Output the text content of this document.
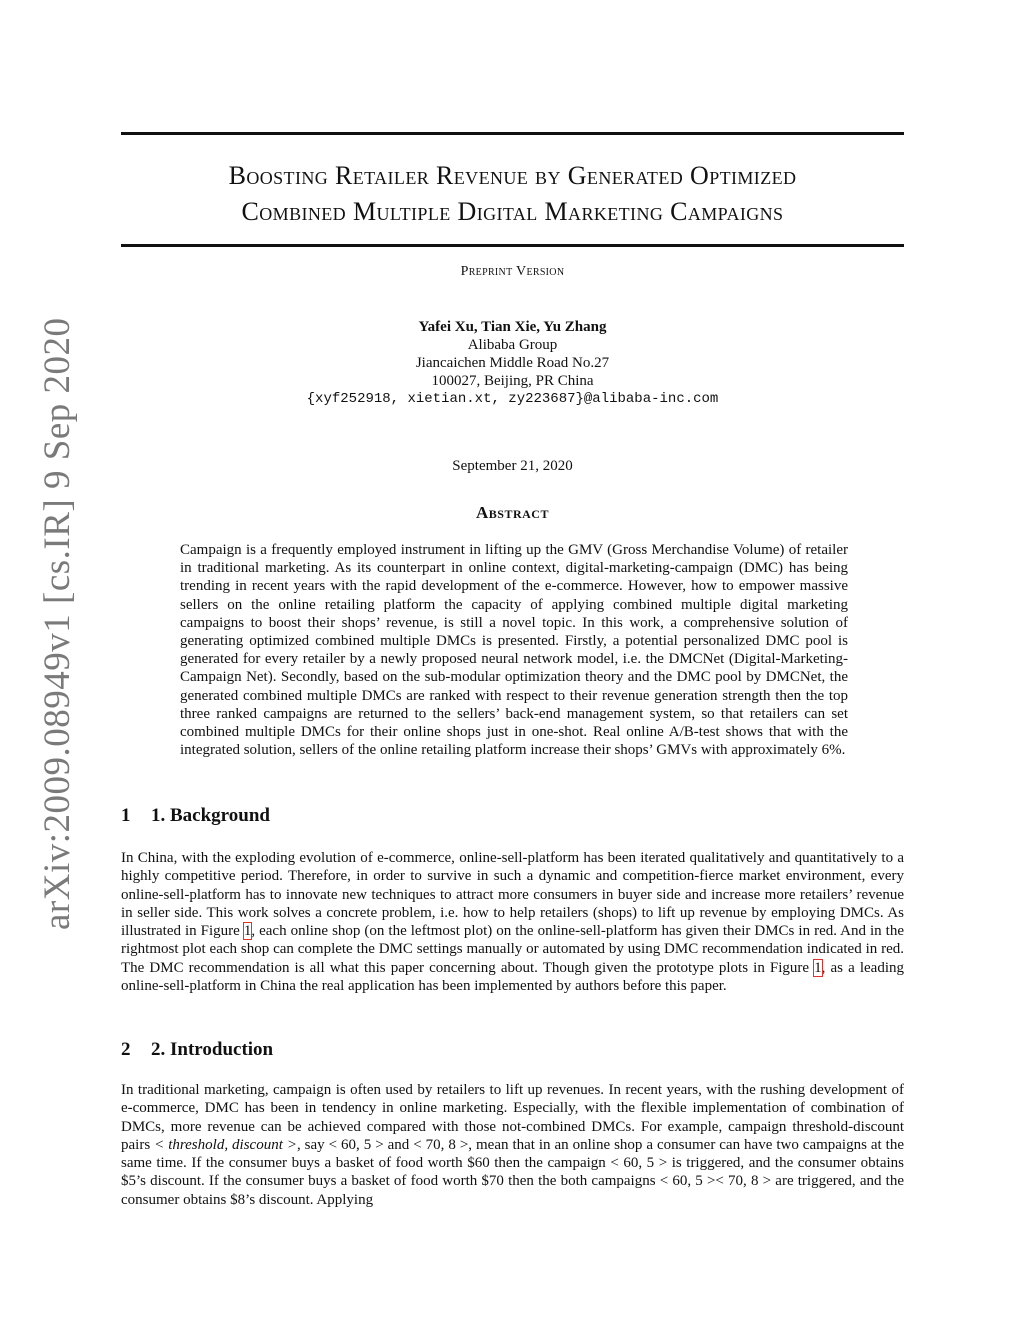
arXiv:2009.08949v1 [cs.IR] 9 Sep 2020
Boosting Retailer Revenue by Generated Optimized
Combined Multiple Digital Marketing Campaigns
Preprint Version
Yafei Xu, Tian Xie, Yu Zhang
Alibaba Group
Jiancaichen Middle Road No.27
100027, Beijing, PR China
{xyf252918, xietian.xt, zy223687}@alibaba-inc.com
September 21, 2020
Abstract

Campaign is a frequently employed instrument in lifting up the GMV (Gross Merchandise Volume) of retailer in traditional marketing. As its counterpart in online context, digital-marketing-campaign (DMC) has being trending in recent years with the rapid development of the e-commerce. However, how to empower massive sellers on the online retailing platform the capacity of applying combined multiple digital marketing campaigns to boost their shops’ revenue, is still a novel topic. In this work, a comprehensive solution of generating optimized combined multiple DMCs is presented. Firstly, a potential personalized DMC pool is generated for every retailer by a newly proposed neural network model, i.e. the DMCNet (Digital-Marketing-Campaign Net). Secondly, based on the sub-modular optimization theory and the DMC pool by DMCNet, the generated combined multiple DMCs are ranked with respect to their revenue generation strength then the top three ranked campaigns are returned to the sellers’ back-end management system, so that retailers can set combined multiple DMCs for their online shops just in one-shot. Real online A/B-test shows that with the integrated solution, sellers of the online retailing platform increase their shops’ GMVs with approximately 6%.

1 1. Background

In China, with the exploding evolution of e-commerce, online-sell-platform has been iterated qualitatively and quantitatively to a highly competitive period. Therefore, in order to survive in such a dynamic and competition-fierce market environment, every online-sell-platform has to innovate new techniques to attract more consumers in buyer side and increase more retailers’ revenue in seller side. This work solves a concrete problem, i.e. how to help retailers (shops) to lift up revenue by employing DMCs. As illustrated in Figure 1, each online shop (on the leftmost plot) on the online-sell-platform has given their DMCs in red. And in the rightmost plot each shop can complete the DMC settings manually or automated by using DMC recommendation indicated in red. The DMC recommendation is all what this paper concerning about. Though given the prototype plots in Figure 1, as a leading online-sell-platform in China the real application has been implemented by authors before this paper.

2 2. Introduction

In traditional marketing, campaign is often used by retailers to lift up revenues. In recent years, with the rushing development of e-commerce, DMC has been in tendency in online marketing. Especially, with the flexible implementation of combination of DMCs, more revenue can be achieved compared with those not-combined DMCs. For example, campaign threshold-discount pairs < threshold, discount >, say < 60, 5 > and < 70, 8 >, mean that in an online shop a consumer can have two campaigns at the same time. If the consumer buys a basket of food worth $60 then the campaign < 60, 5 > is triggered, and the consumer obtains $5’s discount. If the consumer buys a basket of food worth $70 then the both campaigns < 60, 5 >< 70, 8 > are triggered, and the consumer obtains $8’s discount. Applying
